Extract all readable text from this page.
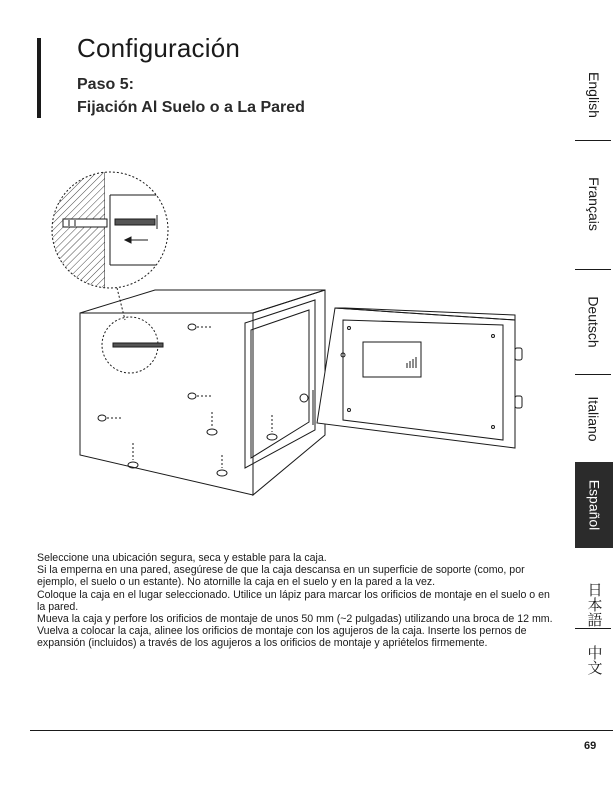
Configuración
Paso 5:
Fijación Al Suelo o a La Pared	English
Français
Deutsch
Italiano
Español
日本語
中文

Seleccione una ubicación segura, seca y estable para la caja.

Si la emperna en una pared, asegúrese de que la caja descansa en un superficie de soporte (como, por ejemplo, el suelo o un estante). No atornille la caja en el suelo y en la pared a la vez.

Coloque la caja en el lugar seleccionado. Utilice un lápiz para marcar los orificios de montaje en el suelo o en la pared.

Mueva la caja y perfore los orificios de montaje de unos 50 mm (~2 pulgadas) utilizando una broca de 12 mm.

Vuelva a colocar la caja, alinee los orificios de montaje con los agujeros de la caja. Inserte los pernos de expansión (incluidos) a través de los agujeros a los orificios de montaje y apriételos firmemente.

69
